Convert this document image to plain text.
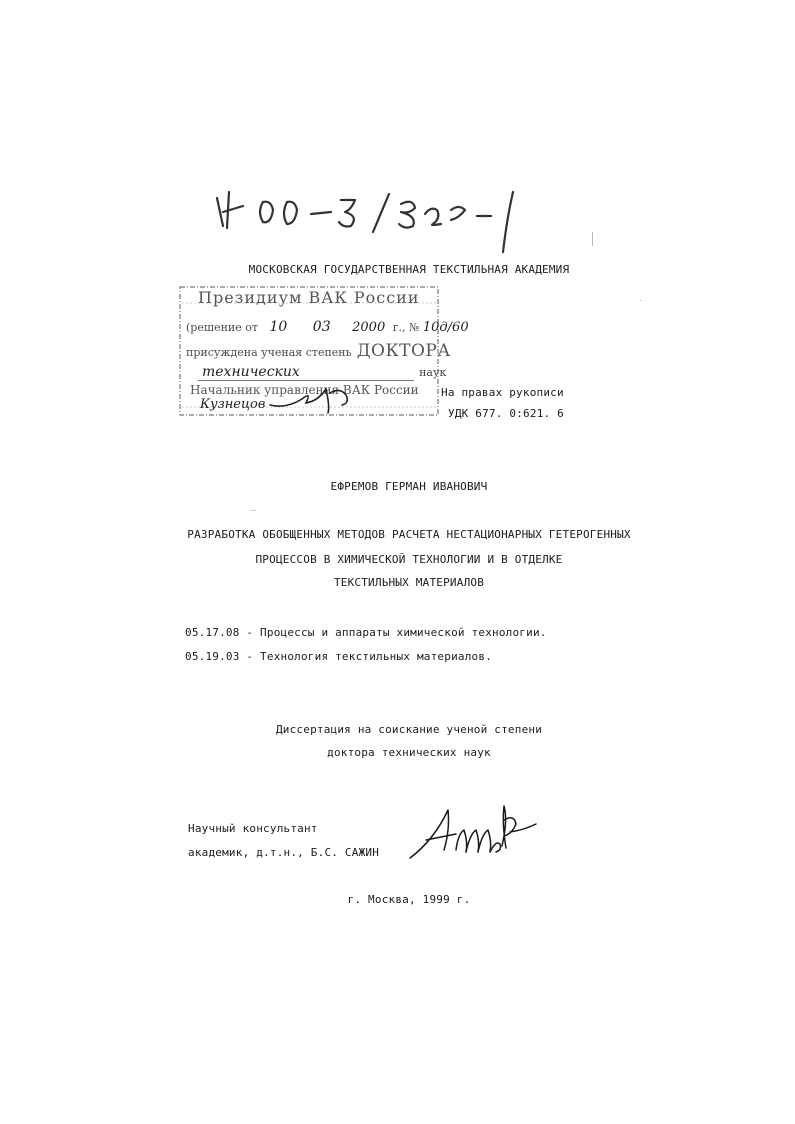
МОСКОВСКАЯ ГОСУДАРСТВЕННАЯ ТЕКСТИЛЬНАЯ АКАДЕМИЯ
Президиум ВАК России
(решение от 10 03 2000 г., № 10д/60
присуждена ученая степень ДОКТОРА
технических	наук
Начальник управления ВАК России
Кузнецов
На правах рукописи
УДК 677. 0:621. 6
ЕФРЕМОВ ГЕРМАН ИВАНОВИЧ
РАЗРАБОТКА ОБОБЩЕННЫХ МЕТОДОВ РАСЧЕТА НЕСТАЦИОНАРНЫХ ГЕТЕРОГЕННЫХ
ПРОЦЕССОВ В ХИМИЧЕСКОЙ ТЕХНОЛОГИИ И В ОТДЕЛКЕ
ТЕКСТИЛЬНЫХ МАТЕРИАЛОВ
05.17.08 - Процессы и аппараты химической технологии.
05.19.03 - Технология текстильных материалов.
Диссертация на соискание ученой степени
доктора технических наук
Научный консультант
академик, д.т.н., Б.С. САЖИН
г. Москва, 1999 г.
